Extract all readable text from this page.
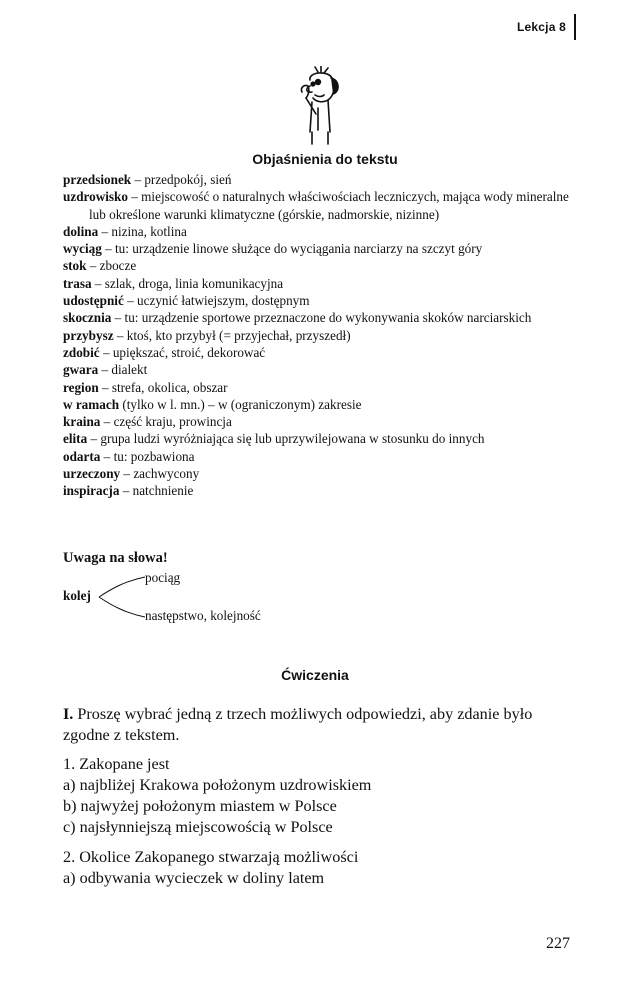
Lekcja 8
Objaśnienia do tekstu
przedsionek – przedpokój, sień
uzdrowisko – miejscowość o naturalnych właściwościach leczniczych, mająca wody mineralne lub określone warunki klimatyczne (górskie, nadmorskie, nizinne)
dolina – nizina, kotlina
wyciąg – tu: urządzenie linowe służące do wyciągania narciarzy na szczyt góry
stok – zbocze
trasa – szlak, droga, linia komunikacyjna
udostępnić – uczynić łatwiejszym, dostępnym
skocznia – tu: urządzenie sportowe przeznaczone do wykonywania skoków narciarskich
przybysz – ktoś, kto przybył (= przyjechał, przyszedł)
zdobić – upiększać, stroić, dekorować
gwara – dialekt
region – strefa, okolica, obszar
w ramach (tylko w l. mn.) – w (ograniczonym) zakresie
kraina – część kraju, prowincja
elita – grupa ludzi wyróżniająca się lub uprzywilejowana w stosunku do innych
odarta – tu: pozbawiona
urzeczony – zachwycony
inspiracja – natchnienie
Uwaga na słowa!
kolej
pociąg
następstwo, kolejność
Ćwiczenia
I. Proszę wybrać jedną z trzech możliwych odpowiedzi, aby zdanie było zgodne z tekstem.
1. Zakopane jest
a) najbliżej Krakowa położonym uzdrowiskiem
b) najwyżej położonym miastem w Polsce
c) najsłynniejszą miejscowością w Polsce
2. Okolice Zakopanego stwarzają możliwości
a) odbywania wycieczek w doliny latem
227
